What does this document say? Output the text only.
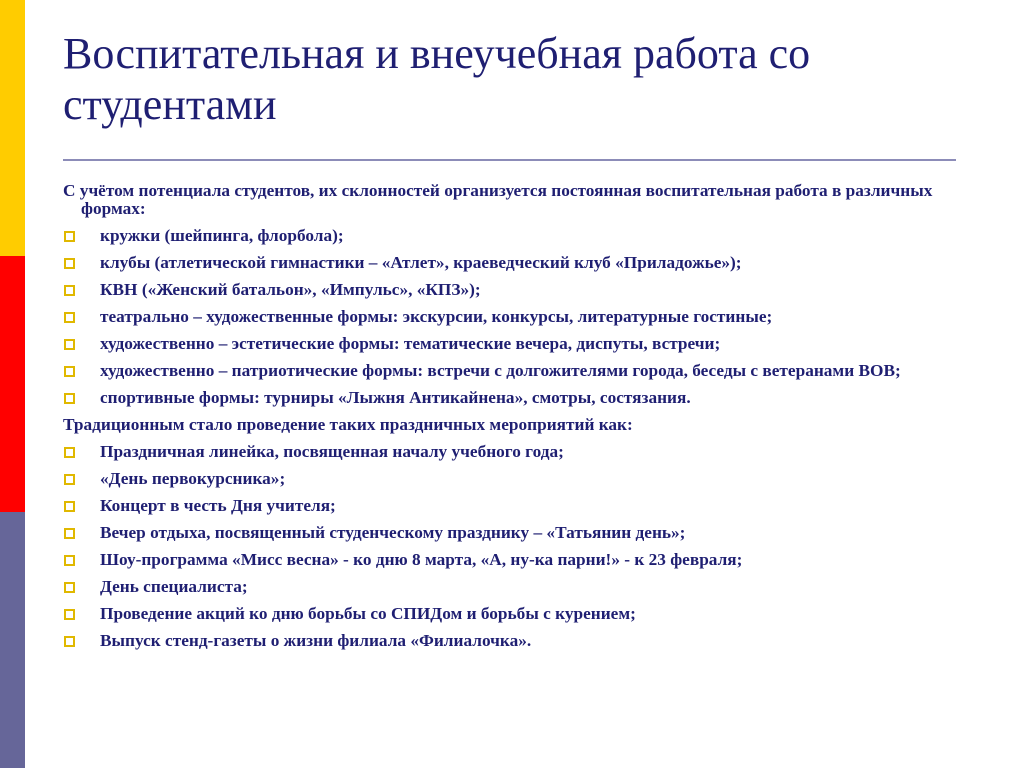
Воспитательная и внеучебная работа со студентами

С учётом потенциала студентов, их склонностей организуется постоянная воспитательная работа в различных формах:

кружки (шейпинга, флорбола);
клубы (атлетической гимнастики – «Атлет», краеведческий клуб «Приладожье»);
КВН («Женский батальон», «Импульс», «КПЗ»);
театрально – художественные формы: экскурсии, конкурсы, литературные гостиные;
художественно – эстетические формы: тематические вечера, диспуты, встречи;
художественно – патриотические формы: встречи с долгожителями города, беседы с ветеранами ВОВ;
спортивные формы: турниры «Лыжня Антикайнена», смотры, состязания.

Традиционным стало проведение таких праздничных мероприятий как:

Праздничная линейка, посвященная началу учебного года;
«День первокурсника»;
Концерт в честь Дня учителя;
Вечер отдыха, посвященный студенческому празднику – «Татьянин день»;
Шоу-программа «Мисс весна» - ко дню 8 марта, «А, ну-ка парни!» - к 23 февраля;
День специалиста;
Проведение акций ко дню борьбы со СПИДом и борьбы с курением;
Выпуск стенд-газеты о жизни филиала «Филиалочка».
